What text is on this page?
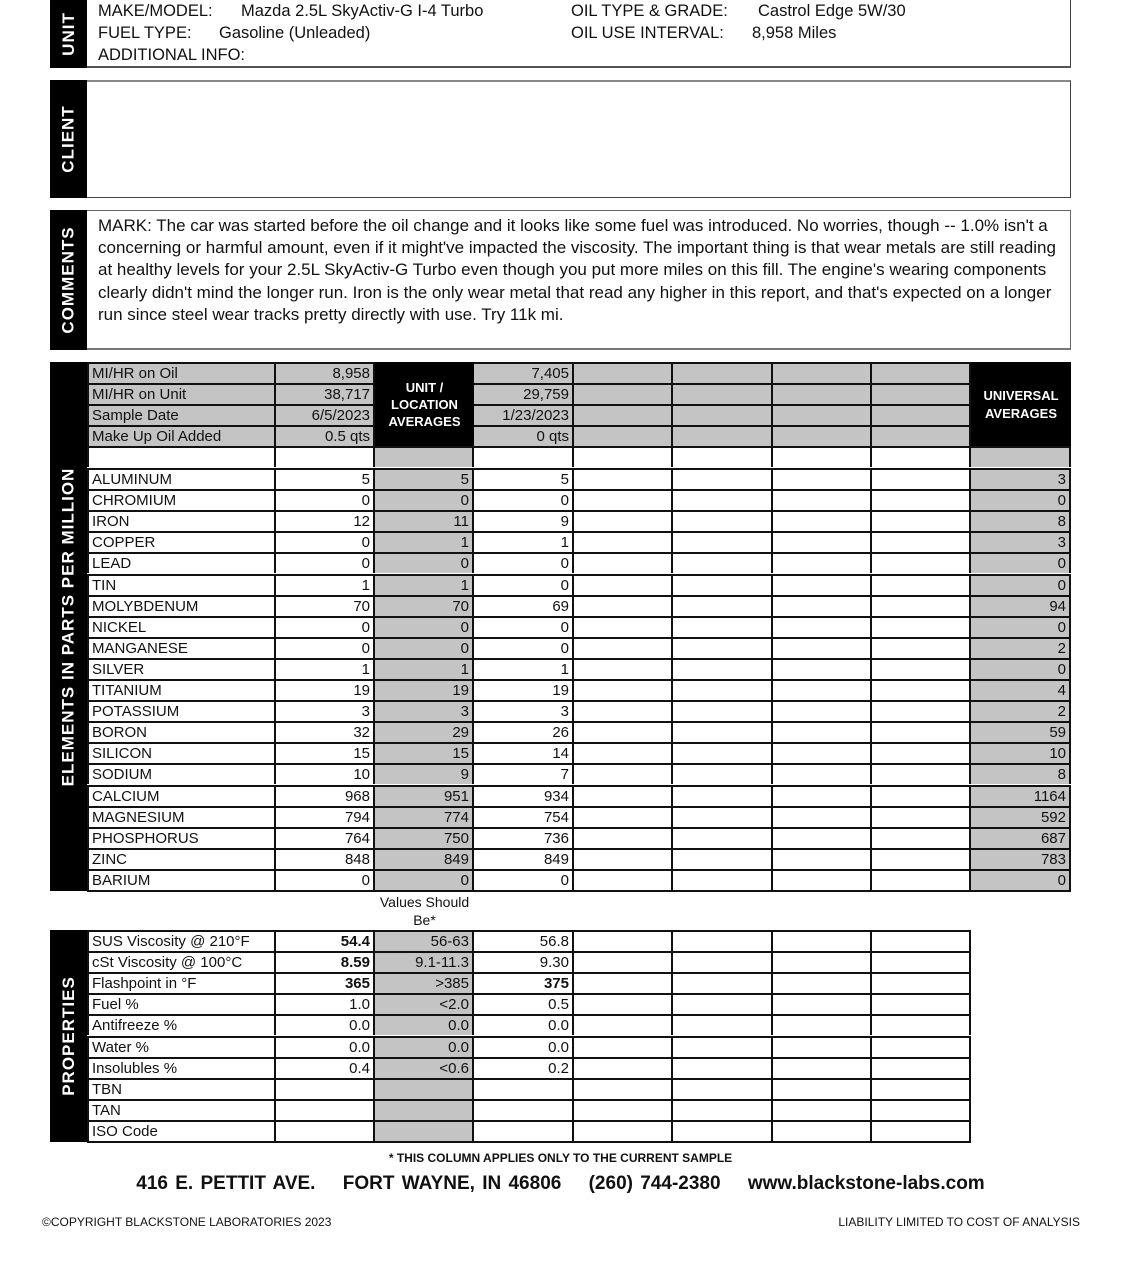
UNIT
MAKE/MODEL: Mazda 2.5L SkyActiv-G I-4 Turbo
FUEL TYPE: Gasoline (Unleaded)
ADDITIONAL INFO:
OIL TYPE & GRADE: Castrol Edge 5W/30
OIL USE INTERVAL: 8,958 Miles
CLIENT
COMMENTS
MARK: The car was started before the oil change and it looks like some fuel was introduced. No worries, though -- 1.0% isn't a concerning or harmful amount, even if it might've impacted the viscosity. The important thing is that wear metals are still reading at healthy levels for your 2.5L SkyActiv-G Turbo even though you put more miles on this fill. The engine's wearing components clearly didn't mind the longer run. Iron is the only wear metal that read any higher in this report, and that's expected on a longer run since steel wear tracks pretty directly with use. Try 11k mi.
ELEMENTS IN PARTS PER MILLION
UNIT / LOCATION AVERAGES
UNIVERSAL AVERAGES
Values Should Be*
PROPERTIES
* THIS COLUMN APPLIES ONLY TO THE CURRENT SAMPLE
416 E. PETTIT AVE. FORT WAYNE, IN 46806 (260) 744-2380 www.blackstone-labs.com
©COPYRIGHT BLACKSTONE LABORATORIES 2023	LIABILITY LIMITED TO COST OF ANALYSIS
MI/HR on Oil	8,958	7,405
MI/HR on Unit	38,717	29,759
Sample Date	6/5/2023	1/23/2023
Make Up Oil Added	0.5 qts	0 qts
ALUMINUM	5	5	5	3
CHROMIUM	0	0	0	0
IRON	12	11	9	8
COPPER	0	1	1	3
LEAD	0	0	0	0
TIN	1	1	0	0
MOLYBDENUM	70	70	69	94
NICKEL	0	0	0	0
MANGANESE	0	0	0	2
SILVER	1	1	1	0
TITANIUM	19	19	19	4
POTASSIUM	3	3	3	2
BORON	32	29	26	59
SILICON	15	15	14	10
SODIUM	10	9	7	8
CALCIUM	968	951	934	1164
MAGNESIUM	794	774	754	592
PHOSPHORUS	764	750	736	687
ZINC	848	849	849	783
BARIUM	0	0	0	0
SUS Viscosity @ 210°F	54.4	56-63	56.8
cSt Viscosity @ 100°C	8.59	9.1-11.3	9.30
Flashpoint in °F	365	>385	375
Fuel %	1.0	<2.0	0.5
Antifreeze %	0.0	0.0	0.0
Water %	0.0	0.0	0.0
Insolubles %	0.4	<0.6	0.2
TBN
TAN
ISO Code
